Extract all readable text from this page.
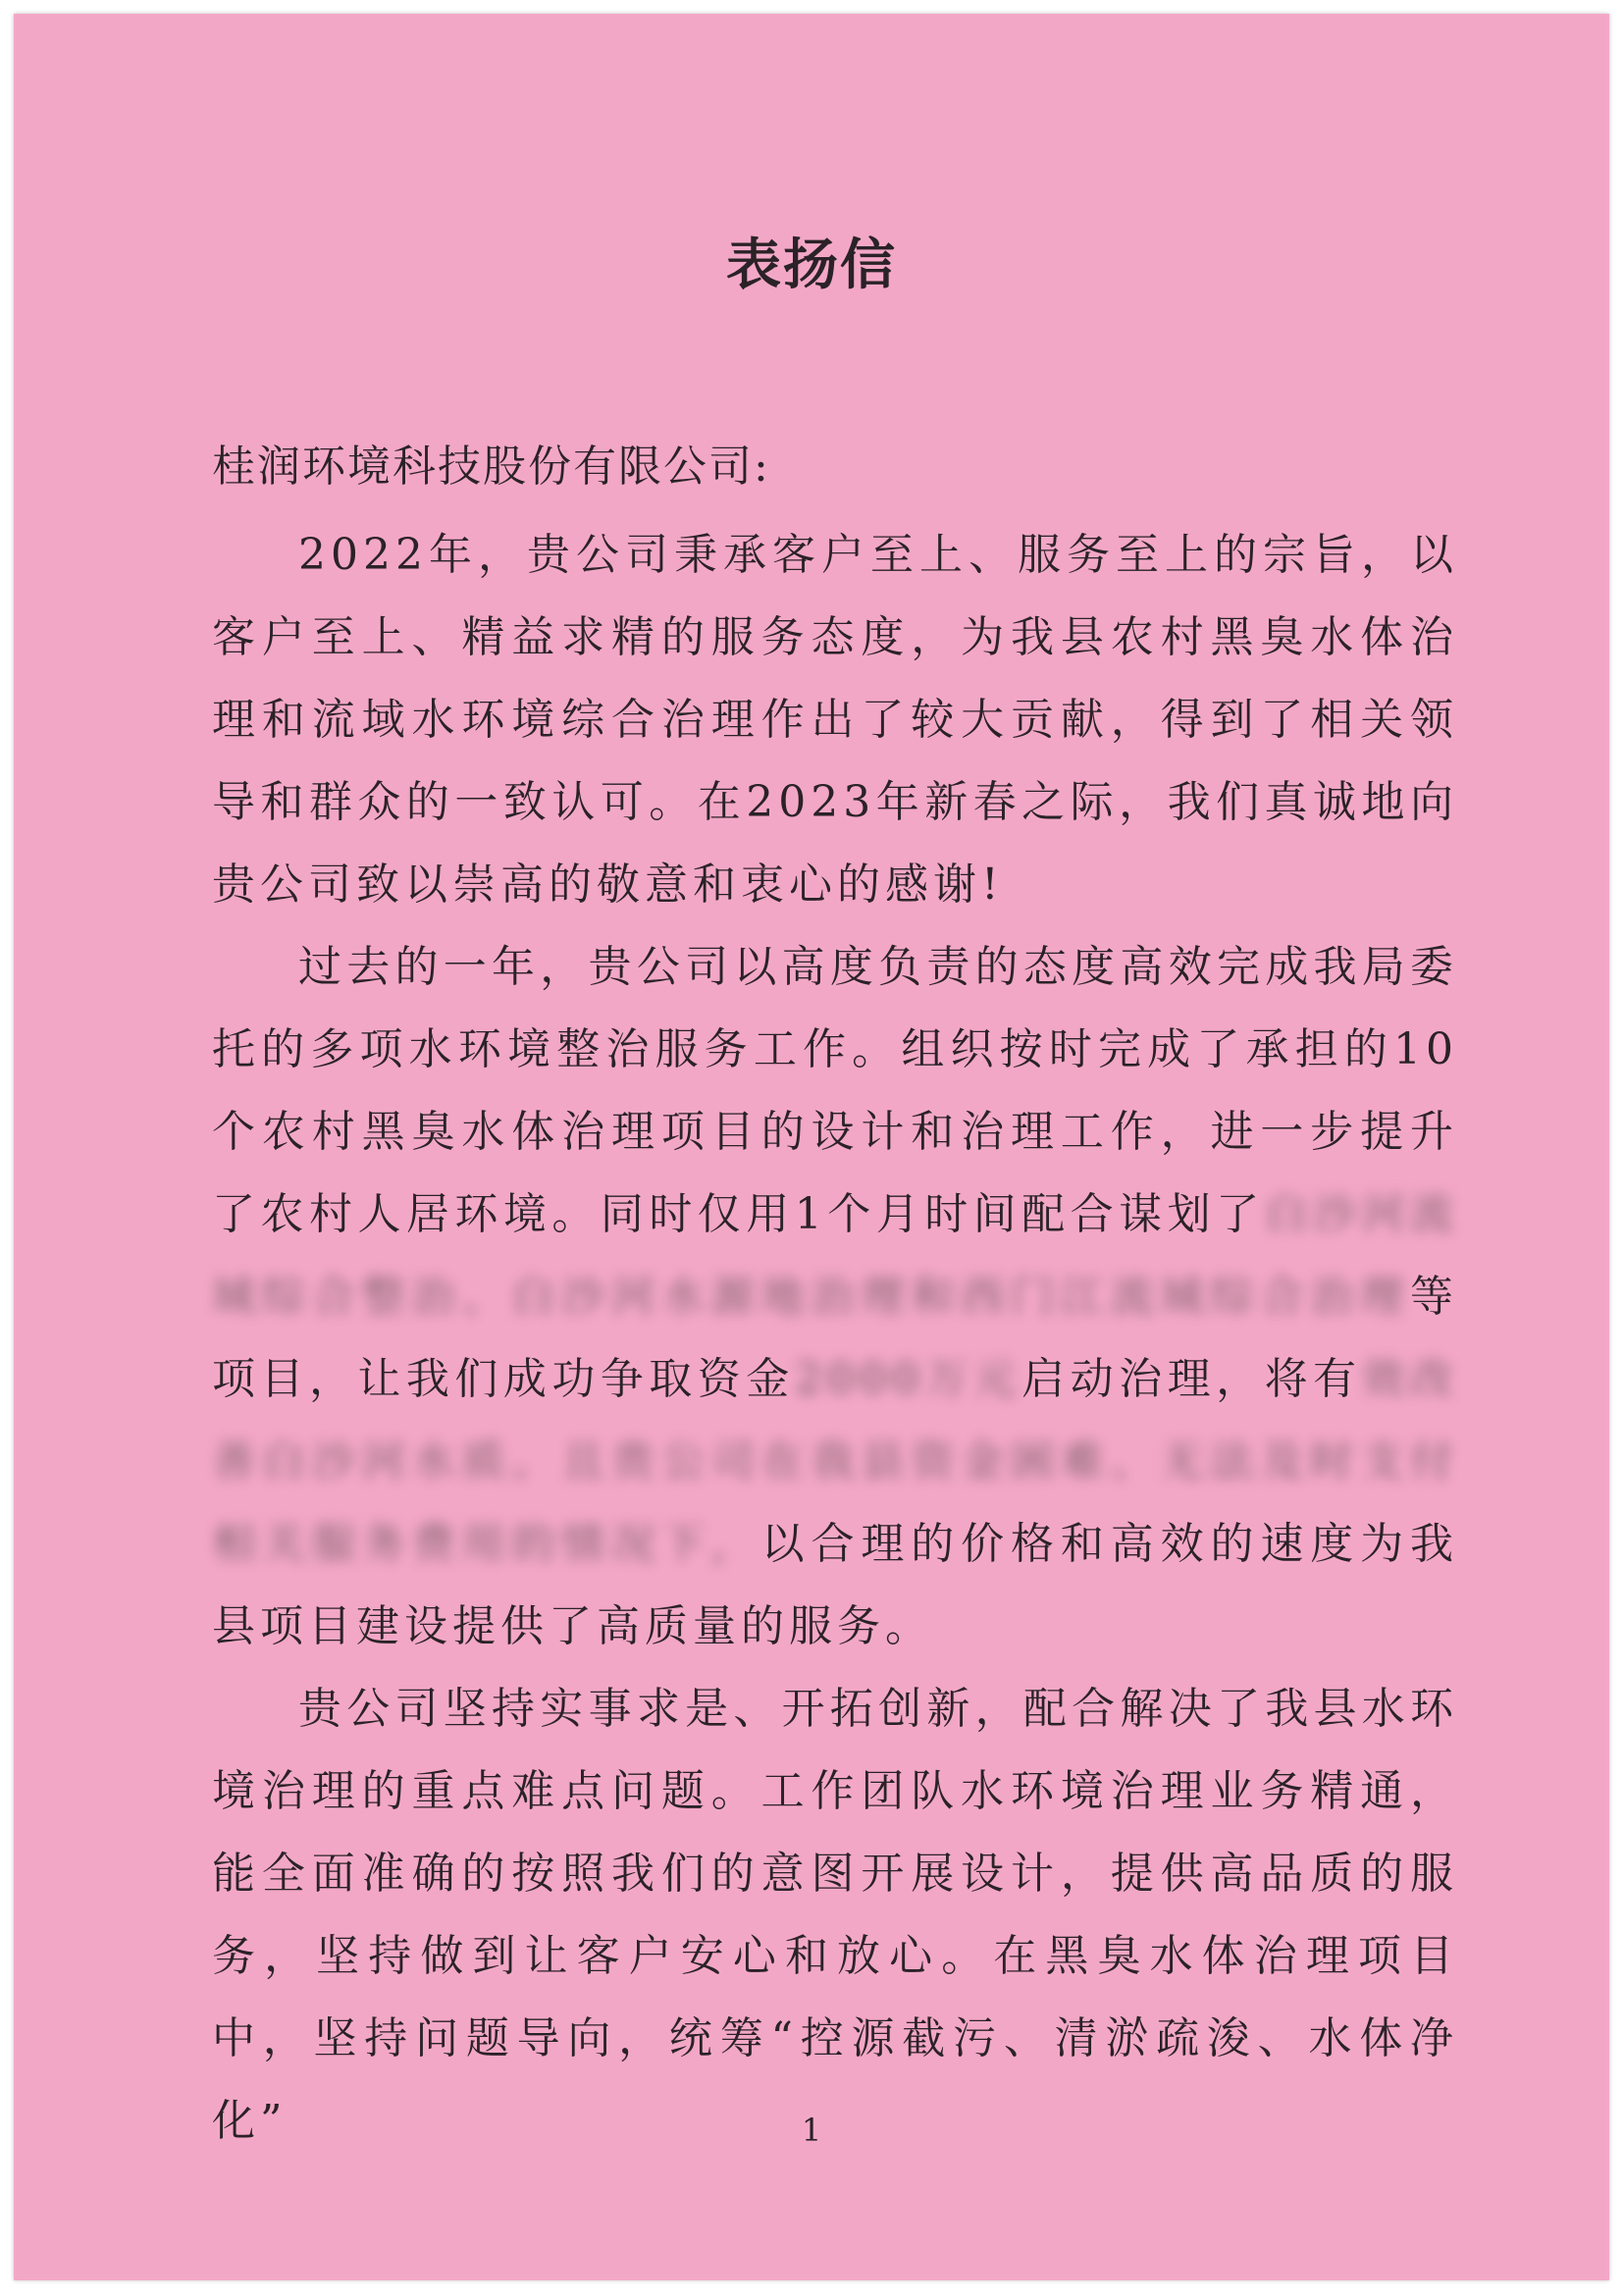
表扬信

桂润环境科技股份有限公司:

2022年，贵公司秉承客户至上、服务至上的宗旨，以客户至上、精益求精的服务态度，为我县农村黑臭水体治理和流域水环境综合治理作出了较大贡献，得到了相关领导和群众的一致认可。在2023年新春之际，我们真诚地向贵公司致以崇高的敬意和衷心的感谢!

过去的一年，贵公司以高度负责的态度高效完成我局委托的多项水环境整治服务工作。组织按时完成了承担的10个农村黑臭水体治理项目的设计和治理工作，进一步提升了农村人居环境。同时仅用1个月时间配合谋划了白沙河流域综合整治、白沙河水源地治理和西门江流域综合治理等项目，让我们成功争取资金2000万元启动治理，将有效改善白沙河水质。且贵公司在我县资金困难、无法及时支付相关服务费用的情况下，以合理的价格和高效的速度为我县项目建设提供了高质量的服务。

贵公司坚持实事求是、开拓创新，配合解决了我县水环境治理的重点难点问题。工作团队水环境治理业务精通，能全面准确的按照我们的意图开展设计，提供高品质的服务，坚持做到让客户安心和放心。在黑臭水体治理项目中，坚持问题导向，统筹“控源截污、清淤疏浚、水体净化”	1
